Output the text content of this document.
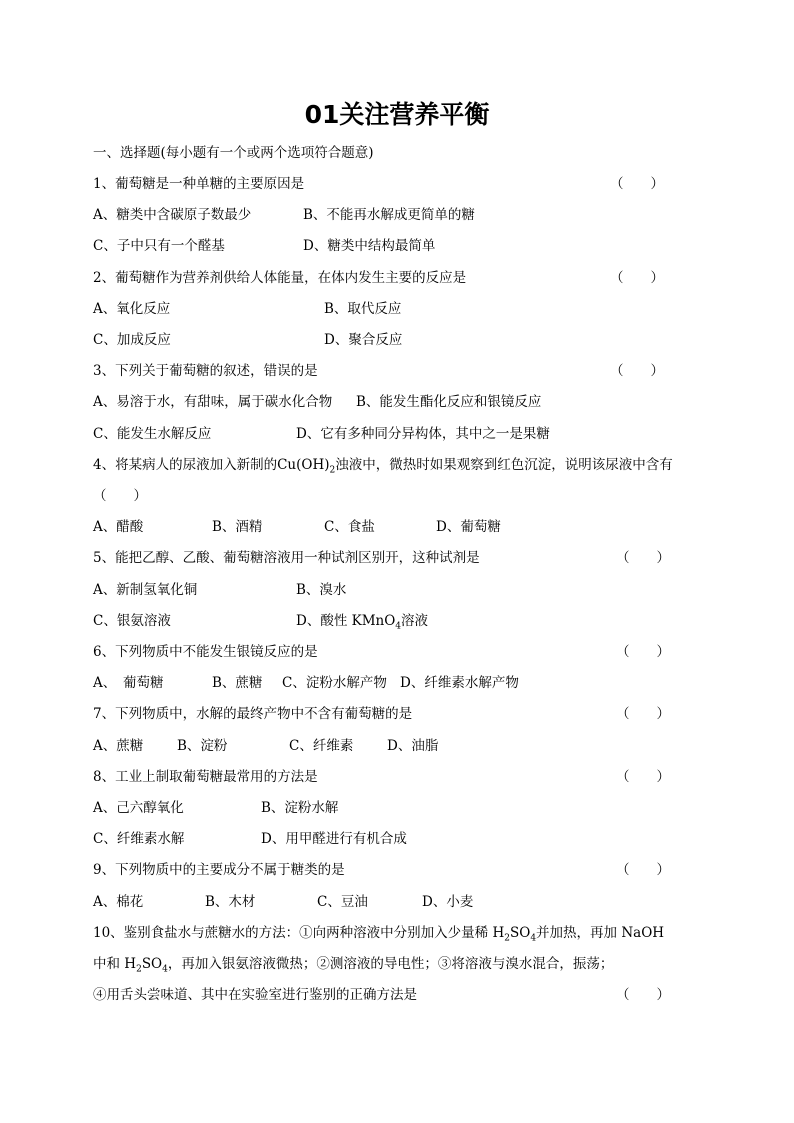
01关注营养平衡
一、选择题(每小题有一个或两个选项符合题意)
1、葡萄糖是一种单糖的主要原因是	（　　）
A、糖类中含碳原子数最少	B、不能再水解成更简单的糖
C、子中只有一个醛基	D、糖类中结构最简单
2、葡萄糖作为营养剂供给人体能量，在体内发生主要的反应是	（　　）
A、氧化反应	B、取代反应
C、加成反应	D、聚合反应
3、下列关于葡萄糖的叙述，错误的是	（　　）
A、易溶于水，有甜味，属于碳水化合物 B、能发生酯化反应和银镜反应
C、能发生水解反应	D、它有多种同分异构体，其中之一是果糖
4、将某病人的尿液加入新制的$Cu(OH)_2$浊液中，微热时如果观察到红色沉淀，说明该尿液中含有
（　　）
A、醋酸	B、酒精	C、食盐	D、葡萄糖
5、能把乙醇、乙酸、葡萄糖溶液用一种试剂区别开，这种试剂是	（　　）
A、新制氢氧化铜	B、溴水
C、银氨溶液	D、酸性 KMnO$_4$溶液
6、下列物质中不能发生银镜反应的是	（　　）
A、　葡萄糖	B、蔗糖 C、淀粉水解产物 D、纤维素水解产物
7、下列物质中，水解的最终产物中不含有葡萄糖的是	（　　）
A、蔗糖	B、淀粉	C、纤维素 D、油脂
8、工业上制取葡萄糖最常用的方法是	（　　）
A、己六醇氧化	B、淀粉水解
C、纤维素水解	D、用甲醛进行有机合成
9、下列物质中的主要成分不属于糖类的是	（　　）
A、棉花	B、木材	C、豆油	D、小麦
10、鉴别食盐水与蔗糖水的方法：①向两种溶液中分别加入少量稀 $H_2SO_4$并加热，再加 NaOH
中和 $H_2SO_4$，再加入银氨溶液微热；②测溶液的导电性；③将溶液与溴水混合，振荡；
④用舌头尝味道、其中在实验室进行鉴别的正确方法是	（　　）
